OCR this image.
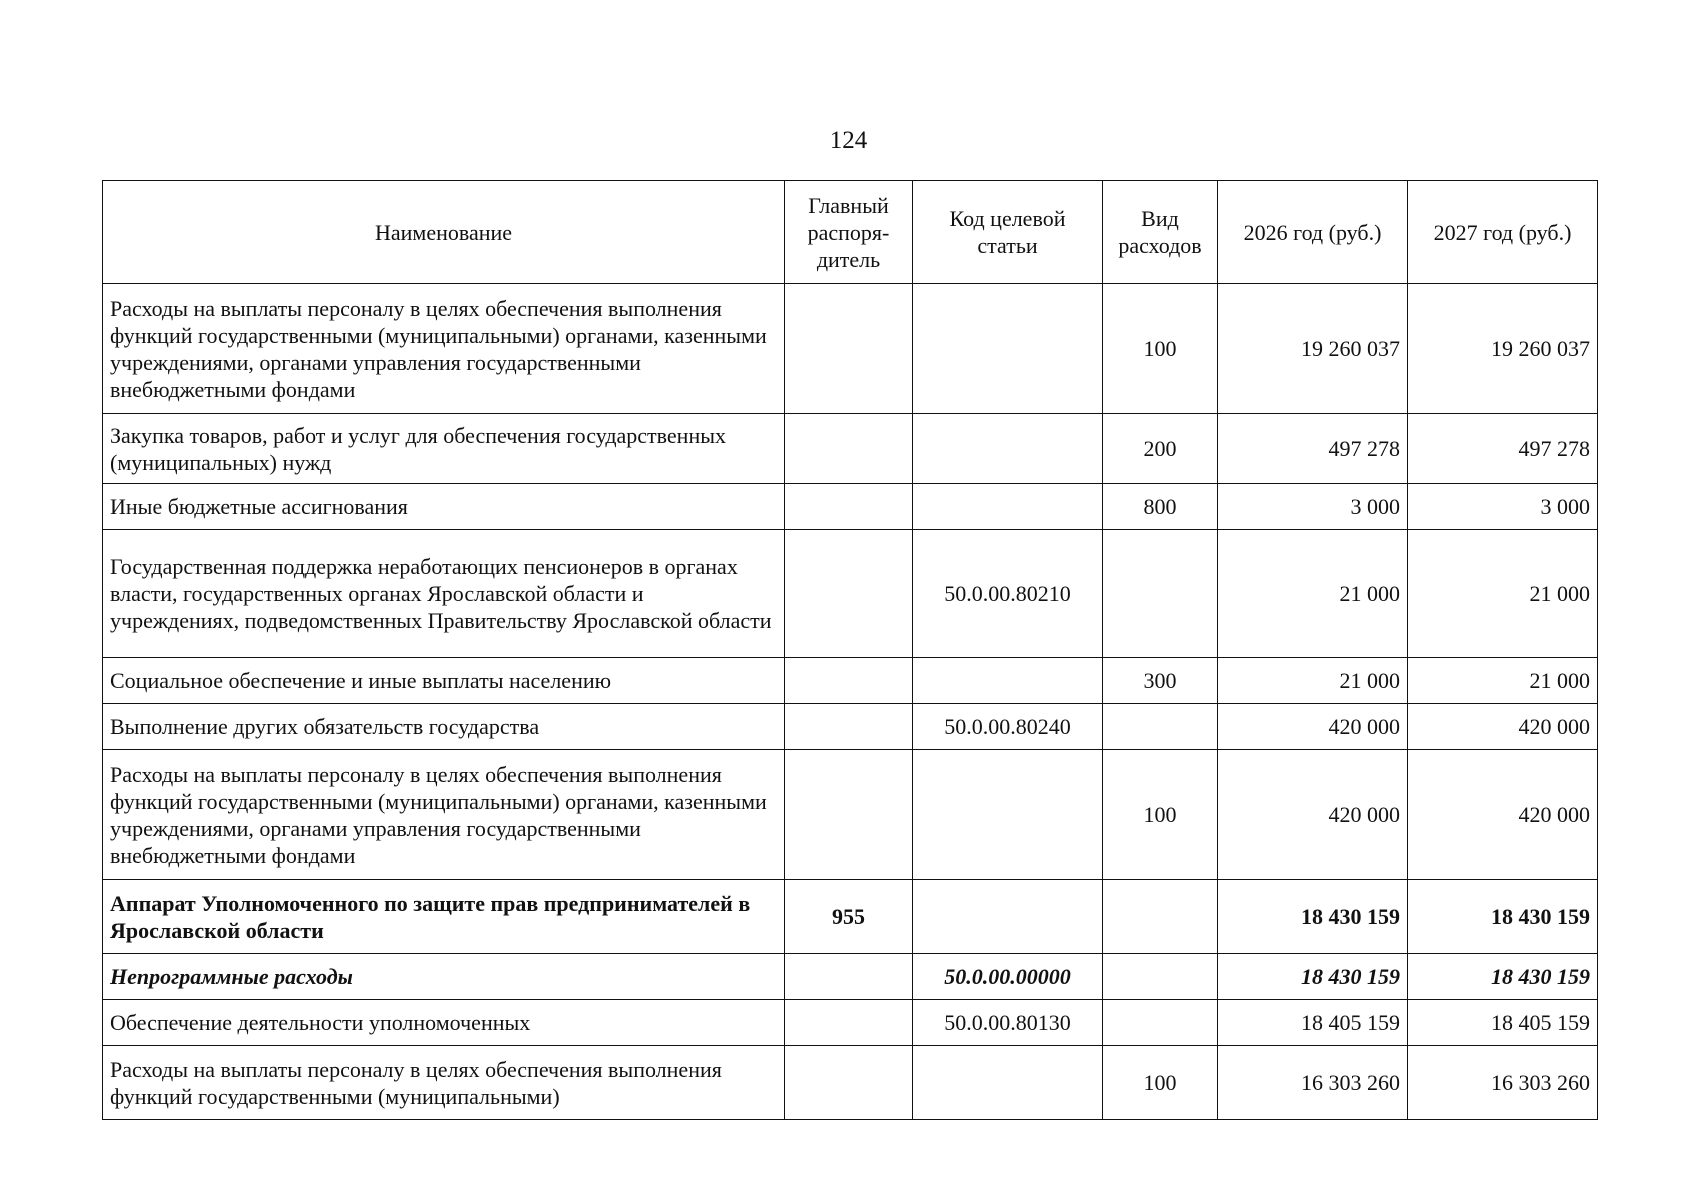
124
Наименование	Главный распоря-дитель	Код целевой статьи	Вид расходов	2026 год (руб.)	2027 год (руб.)
Расходы на выплаты персоналу в целях обеспечения выполнения функций государственными (муниципальными) органами, казенными учреждениями, органами управления государственными внебюджетными фондами			100	19 260 037	19 260 037
Закупка товаров, работ и услуг для обеспечения государственных (муниципальных) нужд			200	497 278	497 278
Иные бюджетные ассигнования			800	3 000	3 000
Государственная поддержка неработающих пенсионеров в органах власти, государственных органах Ярославской области и учреждениях, подведомственных Правительству Ярославской области		50.0.00.80210		21 000	21 000
Социальное обеспечение и иные выплаты населению			300	21 000	21 000
Выполнение других обязательств государства		50.0.00.80240		420 000	420 000
Расходы на выплаты персоналу в целях обеспечения выполнения функций государственными (муниципальными) органами, казенными учреждениями, органами управления государственными внебюджетными фондами			100	420 000	420 000
Аппарат Уполномоченного по защите прав предпринимателей в Ярославской области	955			18 430 159	18 430 159
Непрограммные расходы		50.0.00.00000		18 430 159	18 430 159
Обеспечение деятельности уполномоченных		50.0.00.80130		18 405 159	18 405 159
Расходы на выплаты персоналу в целях обеспечения выполнения функций государственными (муниципальными)			100	16 303 260	16 303 260
